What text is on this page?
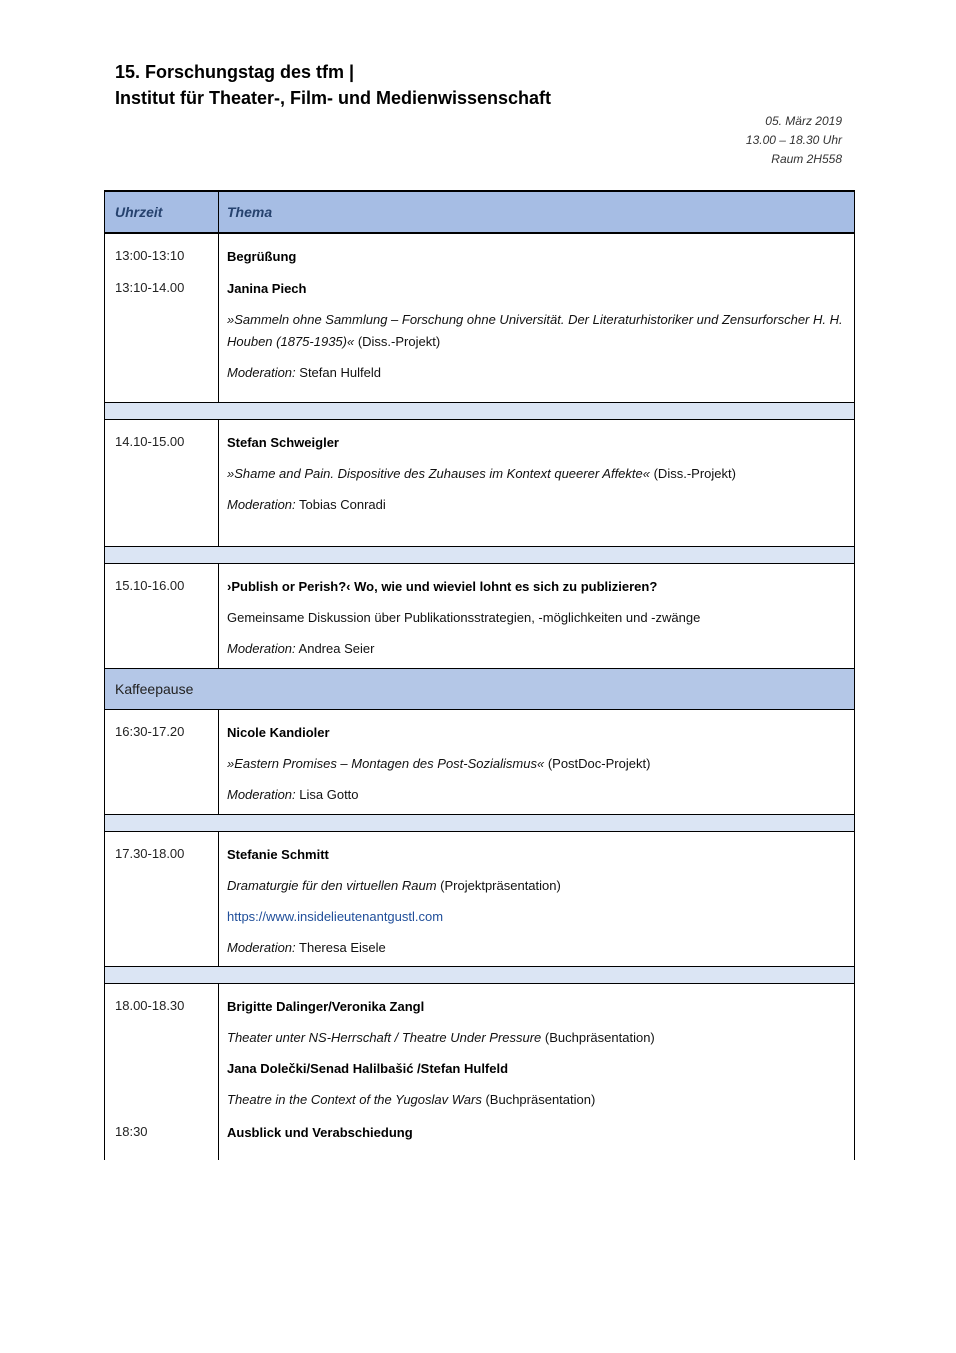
15. Forschungstag des tfm |
Institut für Theater-, Film- und Medienwissenschaft
05. März 2019
13.00 – 18.30 Uhr
Raum 2H558
Uhrzeit	Thema
13:00-13:10	Begrüßung
13:10-14.00	Janina Piech
»Sammeln ohne Sammlung – Forschung ohne Universität. Der Literaturhistoriker und Zensurforscher H. H. Houben (1875-1935)« (Diss.-Projekt)
Moderation: Stefan Hulfeld
14.10-15.00	Stefan Schweigler
»Shame and Pain. Dispositive des Zuhauses im Kontext queerer Affekte« (Diss.-Projekt)
Moderation: Tobias Conradi
15.10-16.00	›Publish or Perish?‹ Wo, wie und wieviel lohnt es sich zu publizieren?
Gemeinsame Diskussion über Publikationsstrategien, -möglichkeiten und -zwänge
Moderation: Andrea Seier
Kaffeepause
16:30-17.20	Nicole Kandioler
»Eastern Promises – Montagen des Post-Sozialismus« (PostDoc-Projekt)
Moderation: Lisa Gotto
17.30-18.00	Stefanie Schmitt
Dramaturgie für den virtuellen Raum (Projektpräsentation)
https://www.insidelieutenantgustl.com
Moderation: Theresa Eisele
18.00-18.30	Brigitte Dalinger/Veronika Zangl
Theater unter NS-Herrschaft / Theatre Under Pressure (Buchpräsentation)
Jana Dolečki/Senad Halilbašić /Stefan Hulfeld
Theatre in the Context of the Yugoslav Wars (Buchpräsentation)
18:30	Ausblick und Verabschiedung
